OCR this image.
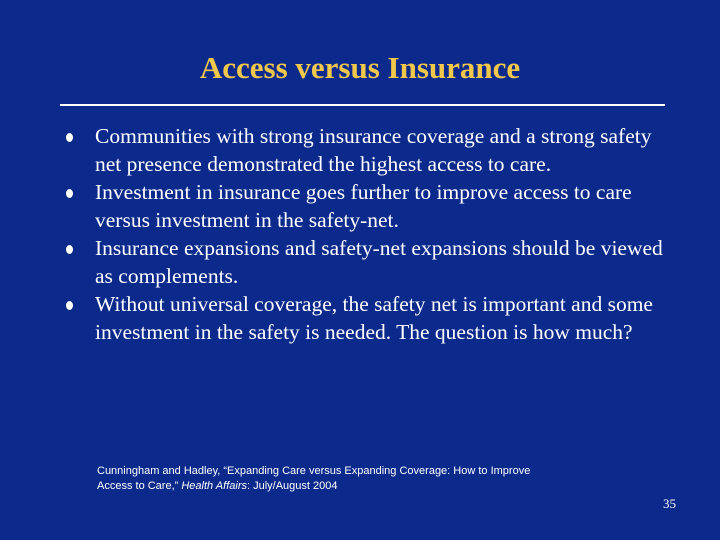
Access versus Insurance
Communities with strong insurance coverage and a strong safety net presence demonstrated the highest access to care.
Investment in insurance goes further to improve access to care versus investment in the safety-net.
Insurance expansions and safety-net expansions should be viewed as complements.
Without universal coverage, the safety net is important and some investment in the safety is needed. The question is how much?
Cunningham and Hadley, “Expanding Care versus Expanding Coverage: How to Improve
Access to Care,” Health Affairs: July/August 2004
35
